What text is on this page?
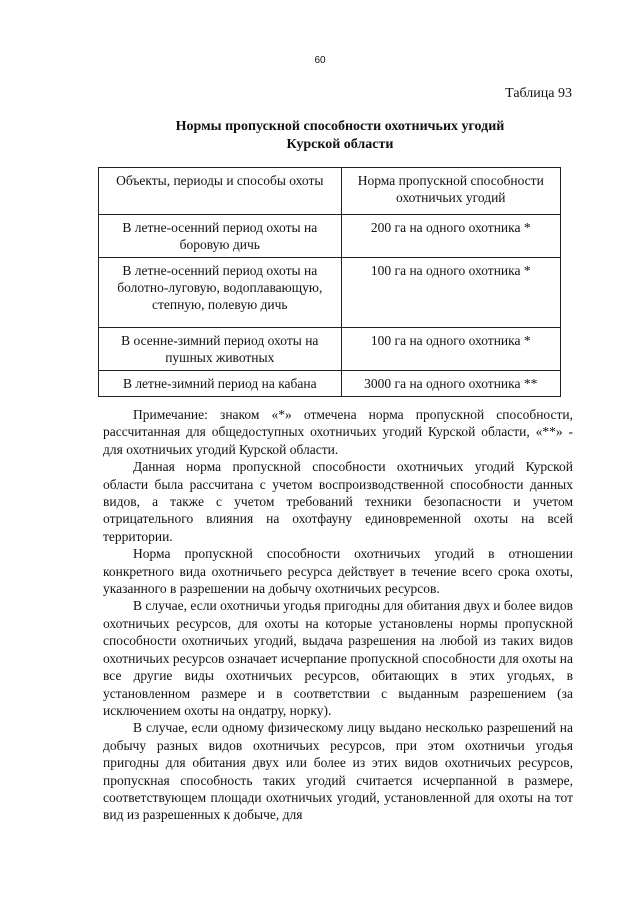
60
Таблица 93
Нормы пропускной способности охотничьих угодий
Курской области
Объекты, периоды и способы охоты	Норма пропускной способности охотничьих угодий
В летне-осенний период охоты на боровую дичь	200 га на одного охотника *
В летне-осенний период охоты на болотно-луговую, водоплавающую, степную, полевую дичь	100 га на одного охотника *
В осенне-зимний период охоты на пушных животных	100 га на одного охотника *
В летне-зимний период на кабана	3000 га на одного охотника **

Примечание: знаком «*» отмечена норма пропускной способности, рассчитанная для общедоступных охотничьих угодий Курской области, «**» - для охотничьих угодий Курской области.

Данная норма пропускной способности охотничьих угодий Курской области была рассчитана с учетом воспроизводственной способности данных видов, а также с учетом требований техники безопасности и учетом отрицательного влияния на охотфауну единовременной охоты на всей территории.

Норма пропускной способности охотничьих угодий в отношении конкретного вида охотничьего ресурса действует в течение всего срока охоты, указанного в разрешении на добычу охотничьих ресурсов.

В случае, если охотничьи угодья пригодны для обитания двух и более видов охотничьих ресурсов, для охоты на которые установлены нормы пропускной способности охотничьих угодий, выдача разрешения на любой из таких видов охотничьих ресурсов означает исчерпание пропускной способности для охоты на все другие виды охотничьих ресурсов, обитающих в этих угодьях, в установленном размере и в соответствии с выданным разрешением (за исключением охоты на ондатру, норку).

В случае, если одному физическому лицу выдано несколько разрешений на добычу разных видов охотничьих ресурсов, при этом охотничьи угодья пригодны для обитания двух или более из этих видов охотничьих ресурсов, пропускная способность таких угодий считается исчерпанной в размере, соответствующем площади охотничьих угодий, установленной для охоты на тот вид из разрешенных к добыче, для
